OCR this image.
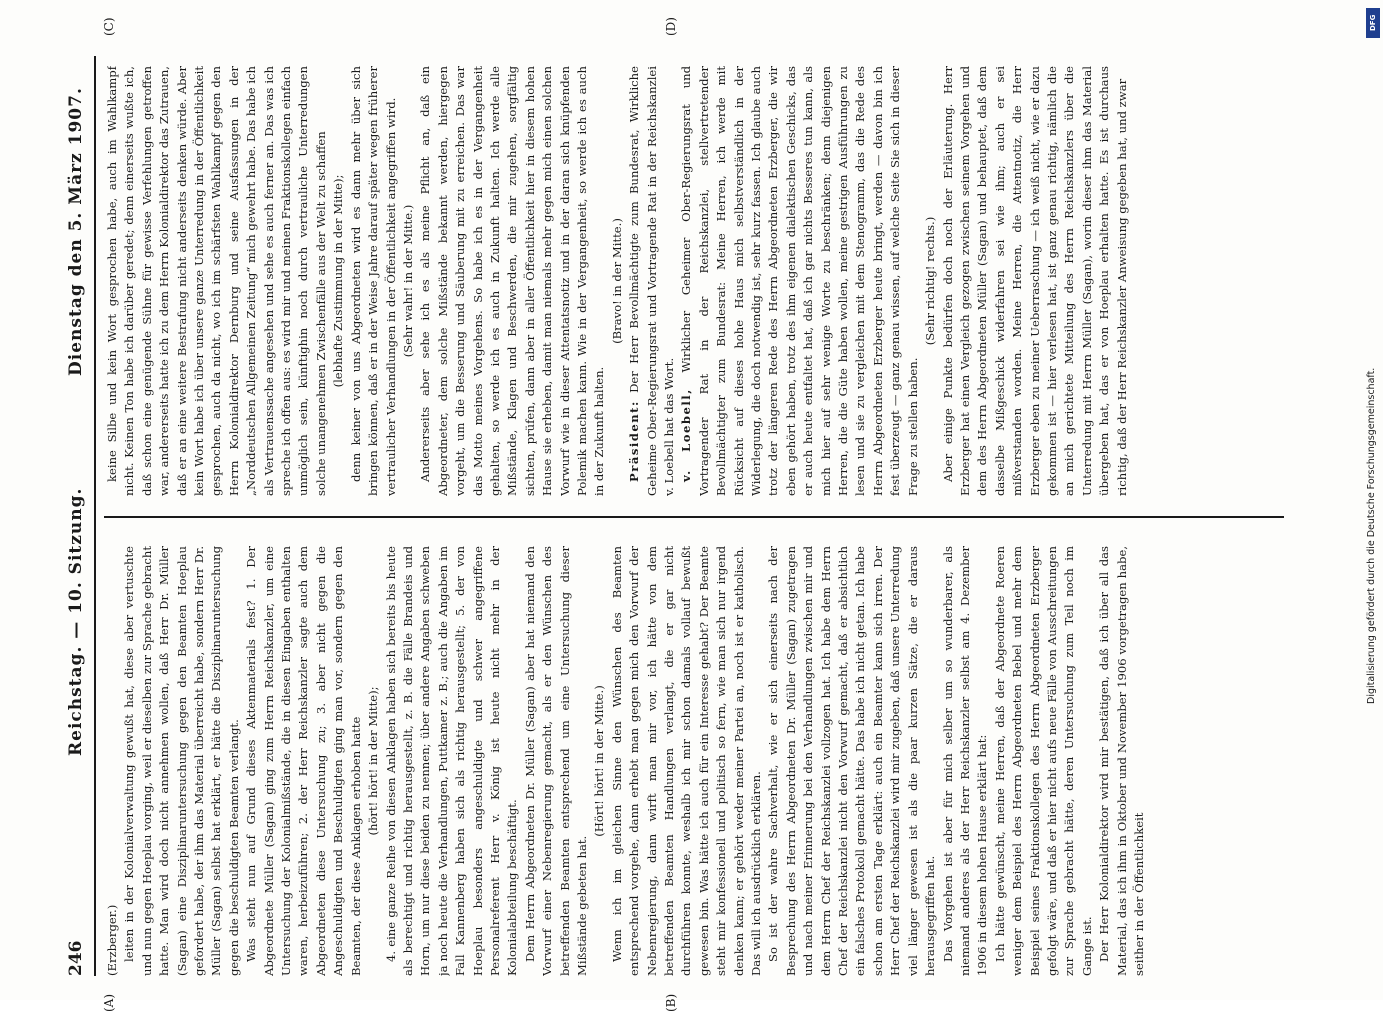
246
Reichstag. — 10. Sitzung.
Dienstag den 5. März 1907.
(A)	(B)
(C)	(D)

(Erzberger.) leiten in der Kolonialverwaltung gewußt hat, diese aber vertuschte und nun gegen Hoeplau vorging, weil er dieselben zur Sprache gebracht hatte. Man wird doch nicht annehmen wollen, daß Herr Dr. Müller (Sagan) eine Disziplinaruntersuchung gegen den Beamten Hoeplau gefordert habe, der ihm das Material überreicht habe, sondern Herr Dr. Müller (Sagan) selbst hat erklärt, er hätte die Disziplinaruntersuchung gegen die beschuldigten Beamten verlangt. Was steht nun auf Grund dieses Aktenmaterials fest? 1. Der Abgeordnete Müller (Sagan) ging zum Herrn Reichskanzler, um eine Untersuchung der Kolonialmißstände, die in diesen Eingaben enthalten waren, herbeizuführen; 2. der Herr Reichskanzler sagte auch dem Abgeordneten diese Untersuchung zu; 3. aber nicht gegen die Angeschuldigten und Beschuldigten ging man vor, sondern gegen den Beamten, der diese Anklagen erhoben hatte (hört! hört! in der Mitte); 4. eine ganze Reihe von diesen Anklagen haben sich bereits bis heute als berechtigt und richtig herausgestellt, z. B. die Fälle Brandeis und Horn, um nur diese beiden zu nennen; über andere Angaben schweben ja noch heute die Verhandlungen, Puttkamer z. B.; auch die Angaben im Fall Kannenberg haben sich als richtig herausgestellt; 5. der von Hoeplau besonders angeschuldigte und schwer angegriffene Personalreferent Herr v. König ist heute nicht mehr in der Kolonialabteilung beschäftigt. Dem Herrn Abgeordneten Dr. Müller (Sagan) aber hat niemand den Vorwurf einer Nebenregierung gemacht, als er den Wünschen des betreffenden Beamten entsprechend um eine Untersuchung dieser Mißstände gebeten hat.

(Hört! hört! in der Mitte.) Wenn ich im gleichen Sinne den Wünschen des Beamten entsprechend vorgehe, dann erhebt man gegen mich den Vorwurf der Nebenregierung, dann wirft man mir vor, ich hätte von dem betreffenden Beamten Handlungen verlangt, die er gar nicht durchführen konnte, weshalb ich mir schon damals vollauf bewußt gewesen bin. Was hätte ich auch für ein Interesse gehabt? Der Beamte steht mir konfessionell und politisch so fern, wie man sich nur irgend denken kann; er gehört weder meiner Partei an, noch ist er katholisch. Das will ich ausdrücklich erklären. So ist der wahre Sachverhalt, wie er sich einerseits nach der Besprechung des Herrn Abgeordneten Dr. Müller (Sagan) zugetragen und nach meiner Erinnerung bei den Verhandlungen zwischen mir und dem Herrn Chef der Reichskanzlei vollzogen hat. Ich habe dem Herrn Chef der Reichskanzlei nicht den Vorwurf gemacht, daß er absichtlich ein falsches Protokoll gemacht hätte. Das habe ich nicht getan. Ich habe schon am ersten Tage erklärt: auch ein Beamter kann sich irren. Der Herr Chef der Reichskanzlei wird mir zugeben, daß unsere Unterredung viel länger gewesen ist als die paar kurzen Sätze, die er daraus herausgegriffen hat. Das Vorgehen ist aber für mich selber um so wunderbarer, als niemand anderes als der Herr Reichskanzler selbst am 4. Dezember 1906 in diesem hohen Hause erklärt hat: Ich hätte gewünscht, meine Herren, daß der Abgeordnete Roeren weniger dem Beispiel des Herrn Abgeordneten Bebel und mehr dem Beispiel seines Fraktionskollegen des Herrn Abgeordneten Erzberger gefolgt wäre, und daß er hier nicht aufs neue Fälle von Ausschreitungen zur Sprache gebracht hätte, deren Untersuchung zum Teil noch im Gange ist. Der Herr Kolonialdirektor wird mir bestätigen, daß ich über all das Material, das ich ihm in Oktober und November 1906 vorgetragen habe, seither in der Öffentlichkeit

keine Silbe und kein Wort gesprochen habe, auch im Wahlkampf nicht. Keinen Ton habe ich darüber geredet; denn einerseits wußte ich, daß schon eine genügende Sühne für gewisse Verfehlungen getroffen war, andererseits hatte ich zu dem Herrn Kolonialdirektor das Zutrauen, daß er an eine weitere Bestrafung nicht anderseits denken würde. Aber kein Wort habe ich über unsere ganze Unterredung in der Öffentlichkeit gesprochen, auch da nicht, wo ich im schärfsten Wahlkampf gegen den Herrn Kolonialdirektor Dernburg und seine Ausfassungen in der „Norddeutschen Allgemeinen Zeitung“ mich gewehrt habe. Das habe ich als Vertrauenssache angesehen und sehe es auch ferner an. Das was ich spreche ich offen aus: es wird mir und meinen Fraktionskollegen einfach unmöglich sein, künftighin noch durch vertrauliche Unterredungen solche unangenehmen Zwischenfälle aus der Welt zu schaffen (lebhafte Zustimmung in der Mitte); denn keiner von uns Abgeordneten wird es dann mehr über sich bringen können, daß er in der Weise Jahre darauf später wegen früherer vertraulicher Verhandlungen in der Öffentlichkeit angegriffen wird. (Sehr wahr! in der Mitte.) Andererseits aber sehe ich es als meine Pflicht an, daß ein Abgeordneter, dem solche Mißstände bekannt werden, hiergegen vorgeht, um die Besserung und Säuberung mit zu erreichen. Das war das Motto meines Vorgehens. So habe ich es in der Vergangenheit gehalten, so werde ich es auch in Zukunft halten. Ich werde alle Mißstände, Klagen und Beschwerden, die mir zugehen, sorgfältig sichten, prüfen, dann aber in aller Öffentlichkeit hier in diesem hohen Hause sie erheben, damit man niemals mehr gegen mich einen solchen Vorwurf wie in dieser Attentatsnotiz und in der daran sich knüpfenden Polemik machen kann. Wie in der Vergangenheit, so werde ich es auch in der Zukunft halten.

(Bravo! in der Mitte.)

Präsident: Der Herr Bevollmächtigte zum Bundesrat, Wirkliche Geheime Ober-Regierungsrat und Vortragende Rat in der Reichskanzlei v. Loebell hat das Wort. v. Loebell, Wirklicher Geheimer Ober-Regierungsrat und Vortragender Rat in der Reichskanzlei, stellvertretender Bevollmächtigter zum Bundesrat: Meine Herren, ich werde mit Rücksicht auf dieses hohe Haus mich selbstverständlich in der Widerlegung, die doch notwendig ist, sehr kurz fassen. Ich glaube auch trotz der längeren Rede des Herrn Abgeordneten Erzberger, die wir eben gehört haben, trotz des ihm eigenen dialektischen Geschicks, das er auch heute entfaltet hat, daß ich gar nichts Besseres tun kann, als mich hier auf sehr wenige Worte zu beschränken; denn diejenigen Herren, die die Güte haben wollen, meine gestrigen Ausführungen zu lesen und sie zu vergleichen mit dem Stenogramm, das die Rede des Herrn Abgeordneten Erzberger heute bringt, werden — davon bin ich fest überzeugt — ganz genau wissen, auf welche Seite Sie sich in dieser Frage zu stellen haben.

(Sehr richtig! rechts.) Aber einige Punkte bedürfen doch noch der Erläuterung. Herr Erzberger hat einen Vergleich gezogen zwischen seinem Vorgehen und dem des Herrn Abgeordneten Müller (Sagan) und behauptet, daß dem dasselbe Mißgeschick widerfahren sei wie ihm; auch er sei mißverstanden worden. Meine Herren, die Attentnotiz, die Herr Erzberger eben zu meiner Ueberraschung — ich weiß nicht, wie er dazu gekommen ist — hier verlesen hat, ist ganz genau richtig, nämlich die an mich gerichtete Mitteilung des Herrn Reichskanzlers über die Unterredung mit Herrn Müller (Sagan), worin dieser ihm das Material übergeben hat, das er von Hoeplau erhalten hatte. Es ist durchaus richtig, daß der Herr Reichskanzler Anweisung gegeben hat, und zwar

DFG
Digitalisierung gefördert durch die Deutsche Forschungsgemeinschaft.
